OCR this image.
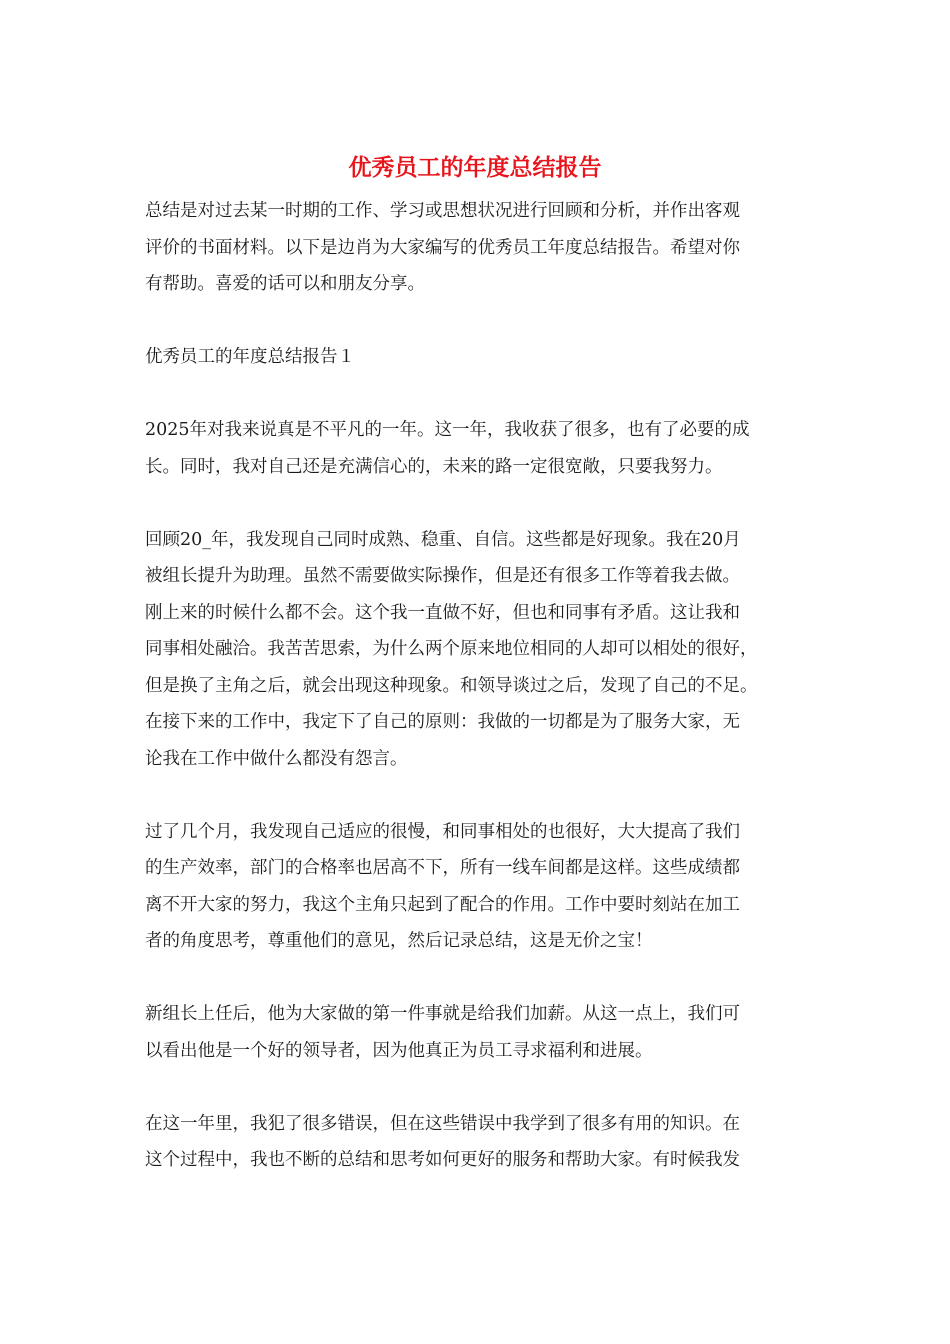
优秀员工的年度总结报告

总结是对过去某一时期的工作、学习或思想状况进行回顾和分析，并作出客观
评价的书面材料。以下是边肖为大家编写的优秀员工年度总结报告。希望对你
有帮助。喜爱的话可以和朋友分享。

优秀员工的年度总结报告１

2025年对我来说真是不平凡的一年。这一年，我收获了很多，也有了必要的成
长。同时，我对自己还是充满信心的，未来的路一定很宽敞，只要我努力。

回顾20_年，我发现自己同时成熟、稳重、自信。这些都是好现象。我在20月
被组长提升为助理。虽然不需要做实际操作，但是还有很多工作等着我去做。
刚上来的时候什么都不会。这个我一直做不好，但也和同事有矛盾。这让我和
同事相处融洽。我苦苦思索，为什么两个原来地位相同的人却可以相处的很好，
但是换了主角之后，就会出现这种现象。和领导谈过之后，发现了自己的不足。
在接下来的工作中，我定下了自己的原则：我做的一切都是为了服务大家，无
论我在工作中做什么都没有怨言。

过了几个月，我发现自己适应的很慢，和同事相处的也很好，大大提高了我们
的生产效率，部门的合格率也居高不下，所有一线车间都是这样。这些成绩都
离不开大家的努力，我这个主角只起到了配合的作用。工作中要时刻站在加工
者的角度思考，尊重他们的意见，然后记录总结，这是无价之宝！

新组长上任后，他为大家做的第一件事就是给我们加薪。从这一点上，我们可
以看出他是一个好的领导者，因为他真正为员工寻求福利和进展。

在这一年里，我犯了很多错误，但在这些错误中我学到了很多有用的知识。在
这个过程中，我也不断的总结和思考如何更好的服务和帮助大家。有时候我发
